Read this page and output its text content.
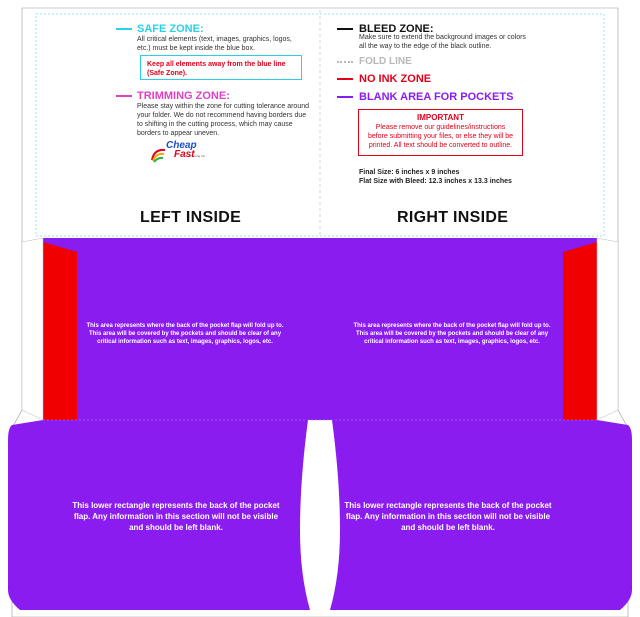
SAFE ZONE:
All critical elements (text, images, graphics, logos, etc.) must be kept inside the blue box.
Keep all elements away from the blue line (Safe Zone).
TRIMMING ZONE:
Please stay within the zone for cutting tolerance around your folder. We do not recommend having borders due to shifting in the cutting process, which may cause borders to appear uneven.
Cheap
Fast
Printing Inc.
BLEED ZONE:
Make sure to extend the background images or colors all the way to the edge of the black outline.
FOLD LINE
NO INK ZONE
BLANK AREA FOR POCKETS
IMPORTANT
Please remove our guidelines/instructions before submitting your files, or else they will be printed. All text should be converted to outline.
Final Size: 6 inches x 9 inches
Flat Size with Bleed: 12.3 inches x 13.3 inches
LEFT INSIDE	RIGHT INSIDE
This area represents where the back of the pocket flap will fold up to. This area will be covered by the pockets and should be clear of any critical information such as text, images, graphics, logos, etc.
This area represents where the back of the pocket flap will fold up to. This area will be covered by the pockets and should be clear of any critical information such as text, images, graphics, logos, etc.
This lower rectangle represents the back of the pocket flap. Any information in this section will not be visible and should be left blank.
This lower rectangle represents the back of the pocket flap. Any information in this section will not be visible and should be left blank.
